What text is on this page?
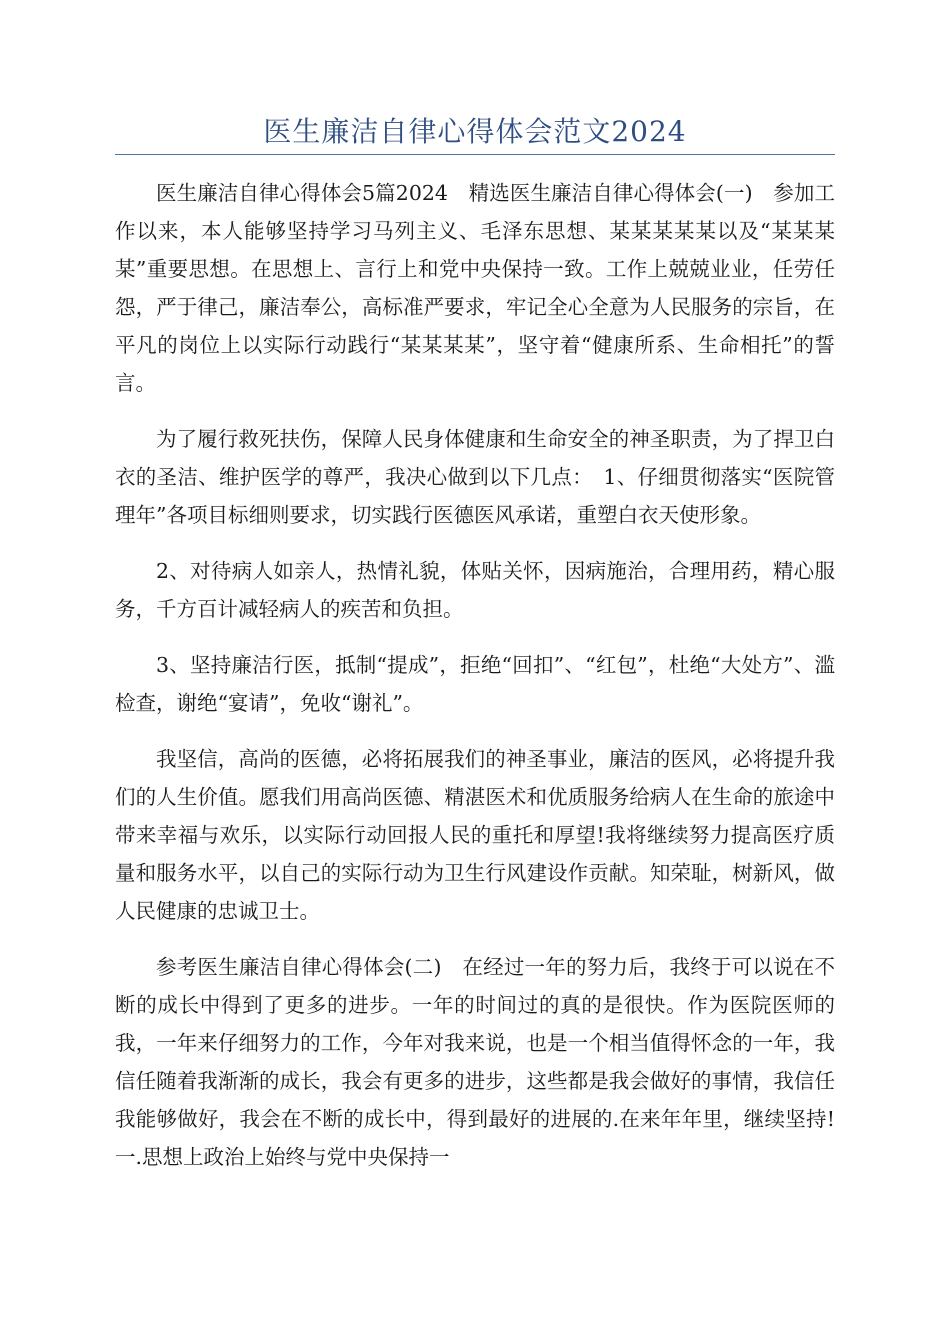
医生廉洁自律心得体会范文2024

医生廉洁自律心得体会5篇2024　精选医生廉洁自律心得体会(一)　参加工作以来，本人能够坚持学习马列主义、毛泽东思想、某某某某某以及“某某某某”重要思想。在思想上、言行上和党中央保持一致。工作上兢兢业业，任劳任怨，严于律己，廉洁奉公，高标准严要求，牢记全心全意为人民服务的宗旨，在平凡的岗位上以实际行动践行“某某某某”，坚守着“健康所系、生命相托”的誓言。

为了履行救死扶伤，保障人民身体健康和生命安全的神圣职责，为了捍卫白衣的圣洁、维护医学的尊严，我决心做到以下几点：　1、仔细贯彻落实“医院管理年”各项目标细则要求，切实践行医德医风承诺，重塑白衣天使形象。

2、对待病人如亲人，热情礼貌，体贴关怀，因病施治，合理用药，精心服务，千方百计减轻病人的疾苦和负担。

3、坚持廉洁行医，抵制“提成”，拒绝“回扣”、“红包”，杜绝“大处方”、滥检查，谢绝“宴请”，免收“谢礼”。

我坚信，高尚的医德，必将拓展我们的神圣事业，廉洁的医风，必将提升我们的人生价值。愿我们用高尚医德、精湛医术和优质服务给病人在生命的旅途中带来幸福与欢乐，以实际行动回报人民的重托和厚望!我将继续努力提高医疗质量和服务水平，以自己的实际行动为卫生行风建设作贡献。知荣耻，树新风，做人民健康的忠诚卫士。

参考医生廉洁自律心得体会(二)　在经过一年的努力后，我终于可以说在不断的成长中得到了更多的进步。一年的时间过的真的是很快。作为医院医师的我，一年来仔细努力的工作，今年对我来说，也是一个相当值得怀念的一年，我信任随着我渐渐的成长，我会有更多的进步，这些都是我会做好的事情，我信任我能够做好，我会在不断的成长中，得到最好的进展的.在来年年里，继续坚持!　一.思想上政治上始终与党中央保持一
